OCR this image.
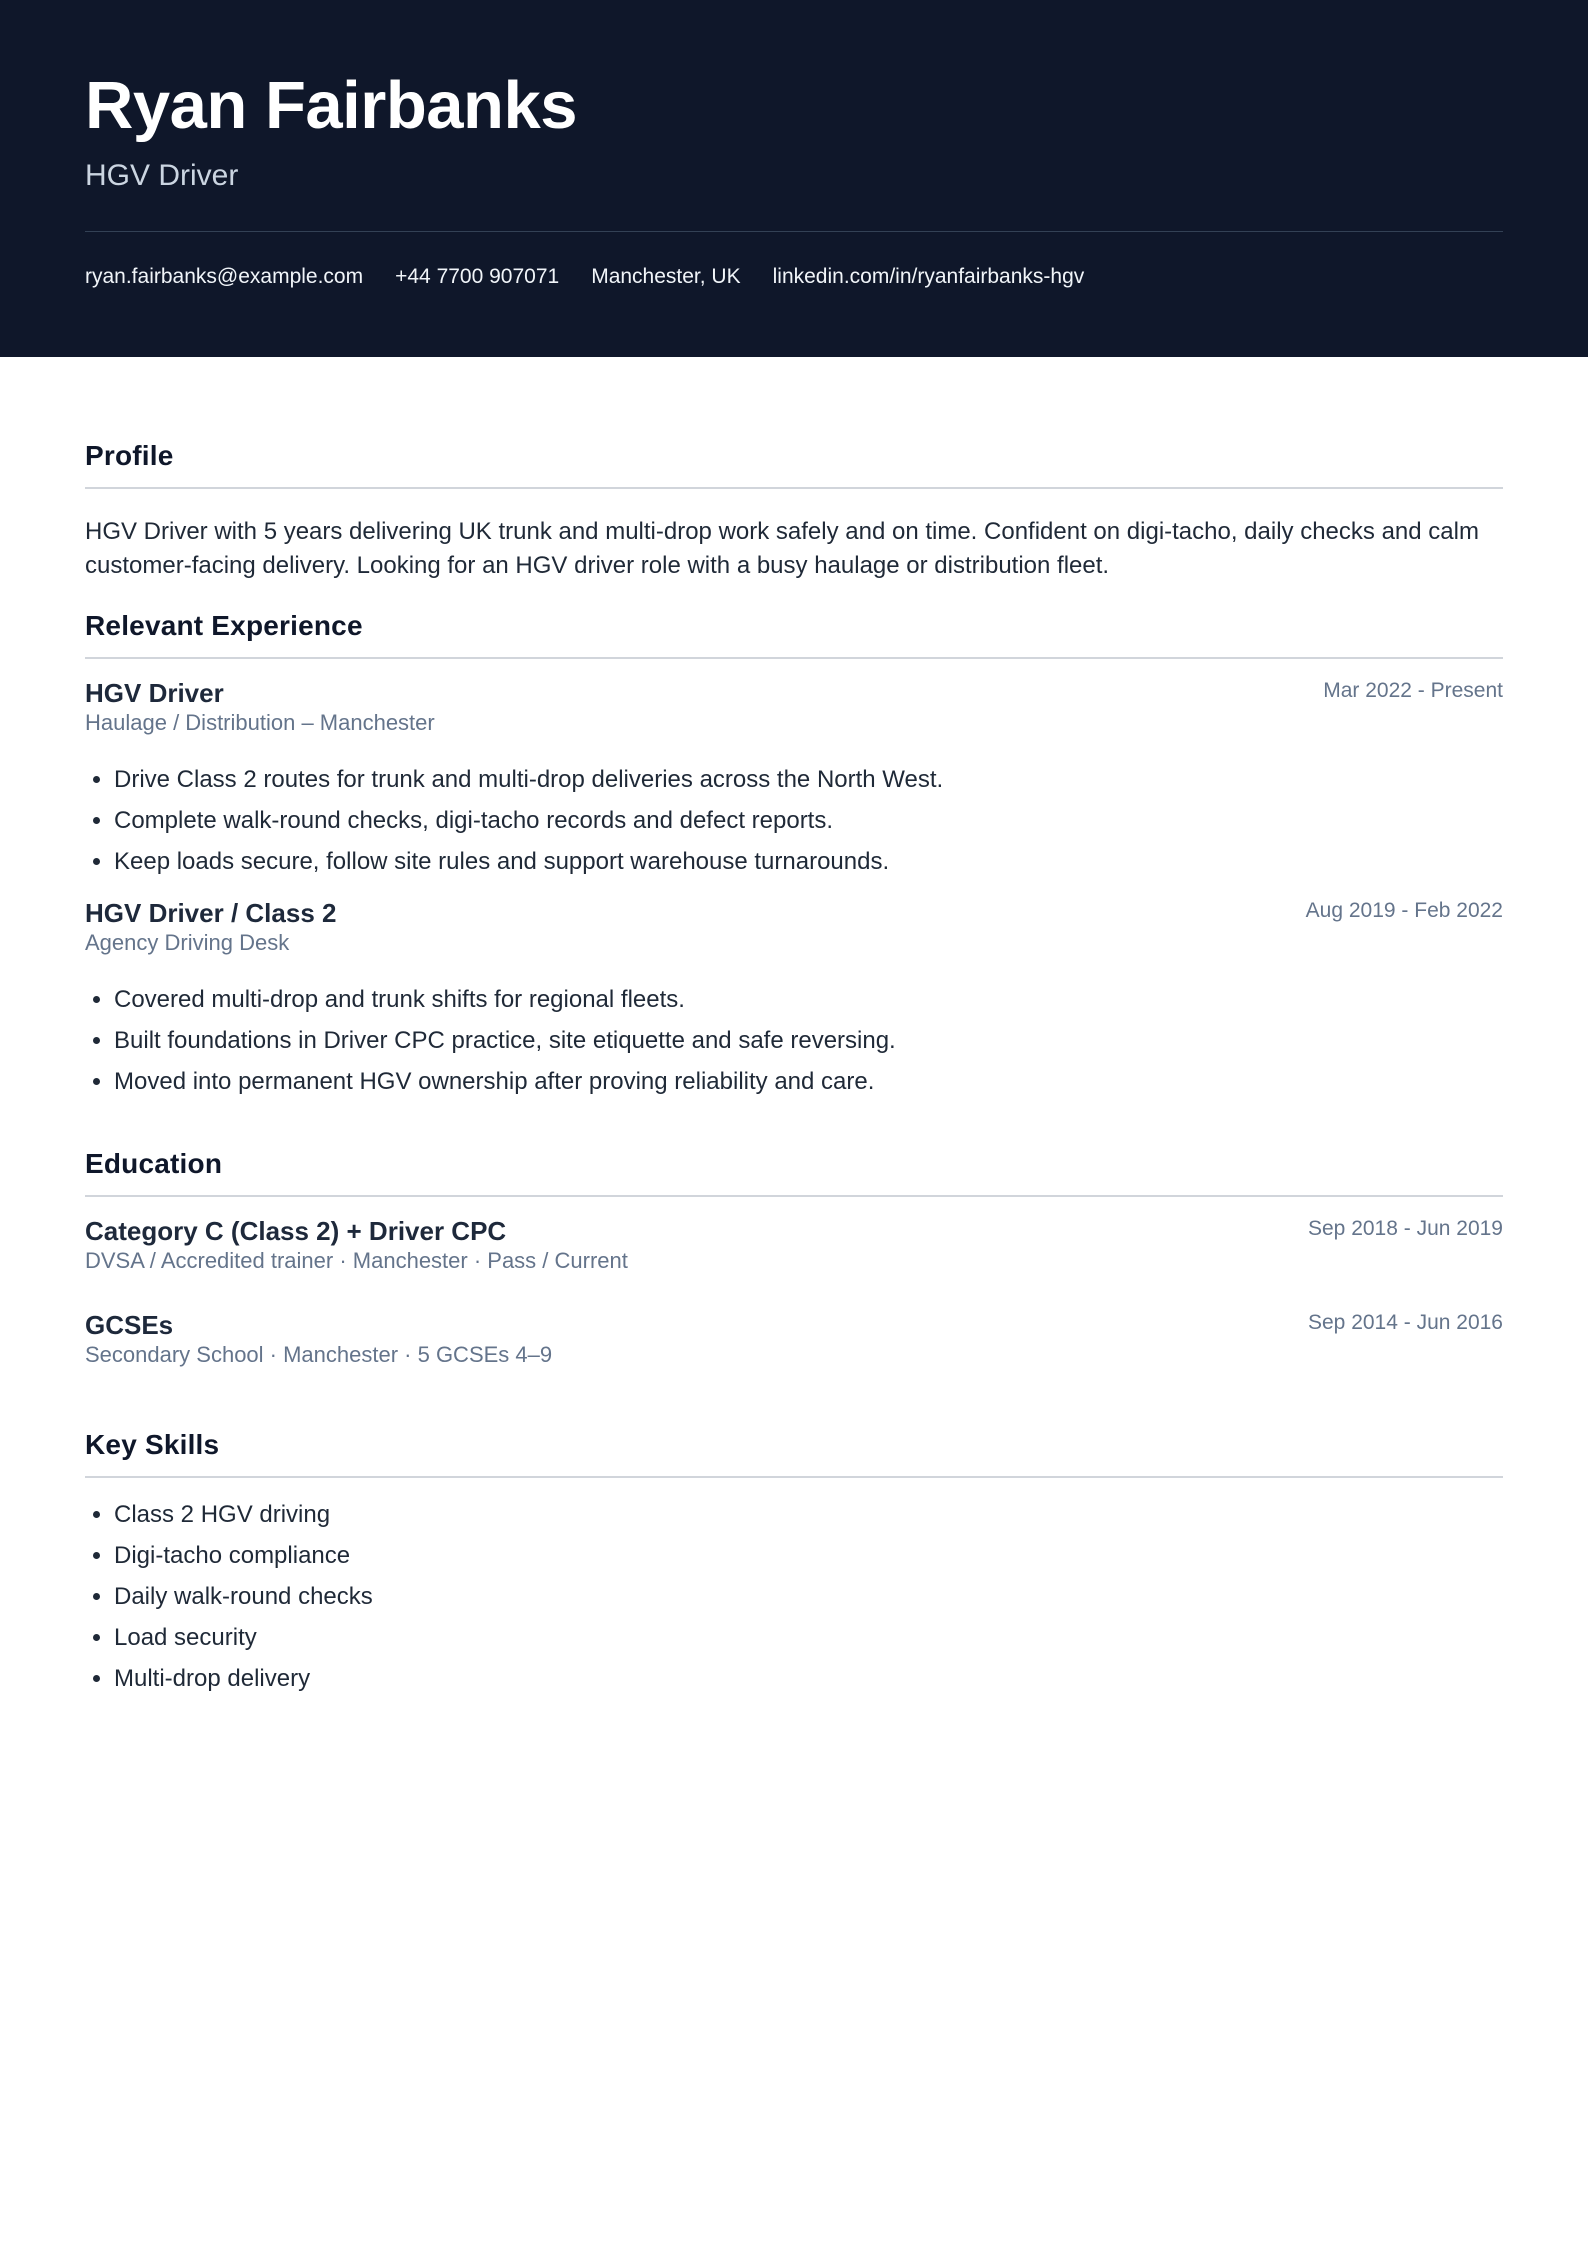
Ryan Fairbanks
HGV Driver
ryan.fairbanks@example.com +44 7700 907071 Manchester, UK linkedin.com/in/ryanfairbanks-hgv
Profile
HGV Driver with 5 years delivering UK trunk and multi-drop work safely and on time. Confident on digi-tacho, daily checks and calm customer-facing delivery. Looking for an HGV driver role with a busy haulage or distribution fleet.
Relevant Experience
HGV Driver	Mar 2022 - Present
Haulage / Distribution – Manchester
• Drive Class 2 routes for trunk and multi-drop deliveries across the North West.
• Complete walk-round checks, digi-tacho records and defect reports.
• Keep loads secure, follow site rules and support warehouse turnarounds.
HGV Driver / Class 2	Aug 2019 - Feb 2022
Agency Driving Desk
• Covered multi-drop and trunk shifts for regional fleets.
• Built foundations in Driver CPC practice, site etiquette and safe reversing.
• Moved into permanent HGV ownership after proving reliability and care.
Education
Category C (Class 2) + Driver CPC	Sep 2018 - Jun 2019
DVSA / Accredited trainer · Manchester · Pass / Current
GCSEs	Sep 2014 - Jun 2016
Secondary School · Manchester · 5 GCSEs 4–9
Key Skills
• Class 2 HGV driving
• Digi-tacho compliance
• Daily walk-round checks
• Load security
• Multi-drop delivery
